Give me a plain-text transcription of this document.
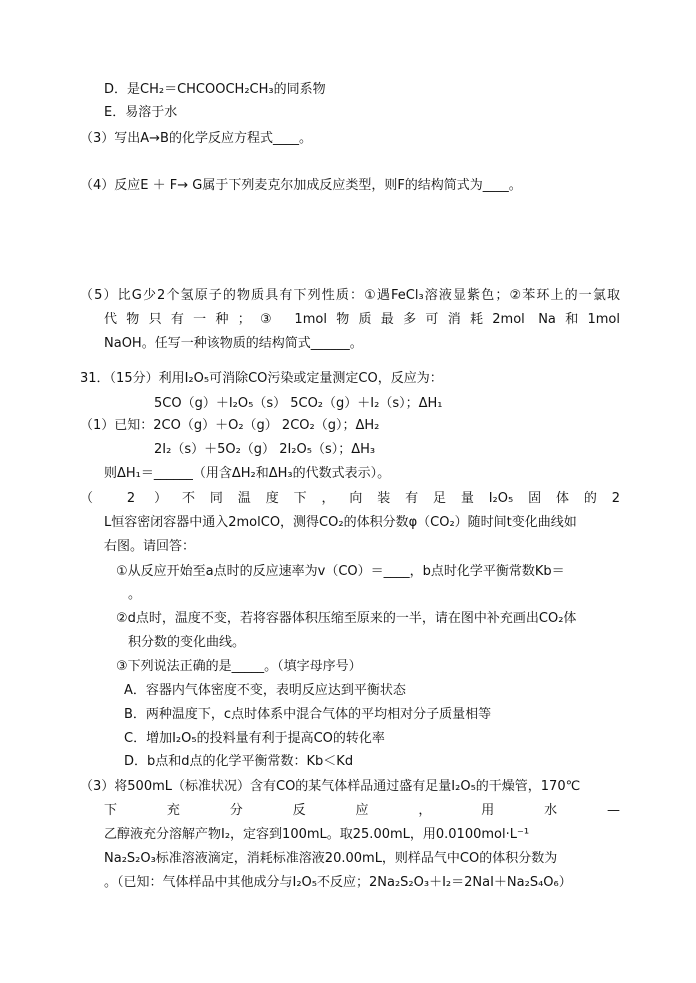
D．是CH₂＝CHCOOCH₂CH₃的同系物
E．易溶于水
（3）写出A→B的化学反应方程式____。
（4）反应E ＋ F→ G属于下列麦克尔加成反应类型，则F的结构简式为____。
（5）比G少2个氢原子的物质具有下列性质：①遇FeCl₃溶液显紫色；②苯环上的一氯取
代物只有一种；③ 1mol物质最多可消耗2mol Na和1mol
NaOH。任写一种该物质的结构简式______。
31．（15分）利用I₂O₅可消除CO污染或定量测定CO，反应为：
5CO（g）＋I₂O₅（s） 5CO₂（g）＋I₂（s）；ΔH₁
（1）已知：2CO（g）＋O₂（g） 2CO₂（g）；ΔH₂
2I₂（s）＋5O₂（g） 2I₂O₅（s）；ΔH₃
则ΔH₁＝______（用含ΔH₂和ΔH₃的代数式表示）。
（ 2 ）不同温度下，向装有足量I₂O₅固体的2
L恒容密闭容器中通入2molCO，测得CO₂的体积分数φ（CO₂）随时间t变化曲线如
右图。请回答：
①从反应开始至a点时的反应速率为v（CO）＝____，b点时化学平衡常数Kb＝
。
②d点时，温度不变，若将容器体积压缩至原来的一半，请在图中补充画出CO₂体
积分数的变化曲线。
③下列说法正确的是_____。（填字母序号）
A．容器内气体密度不变，表明反应达到平衡状态
B．两种温度下，c点时体系中混合气体的平均相对分子质量相等
C．增加I₂O₅的投料量有利于提高CO的转化率
D．b点和d点的化学平衡常数：Kb＜Kd
（3）将500mL（标准状况）含有CO的某气体样品通过盛有足量I₂O₅的干燥管，170℃
下充分反应，用水—
乙醇液充分溶解产物I₂，定容到100mL。取25.00mL，用0.0100mol·L⁻¹
Na₂S₂O₃标准溶液滴定，消耗标准溶液20.00mL，则样品气中CO的体积分数为
。（已知：气体样品中其他成分与I₂O₅不反应；2Na₂S₂O₃＋I₂＝2NaI＋Na₂S₄O₆）
